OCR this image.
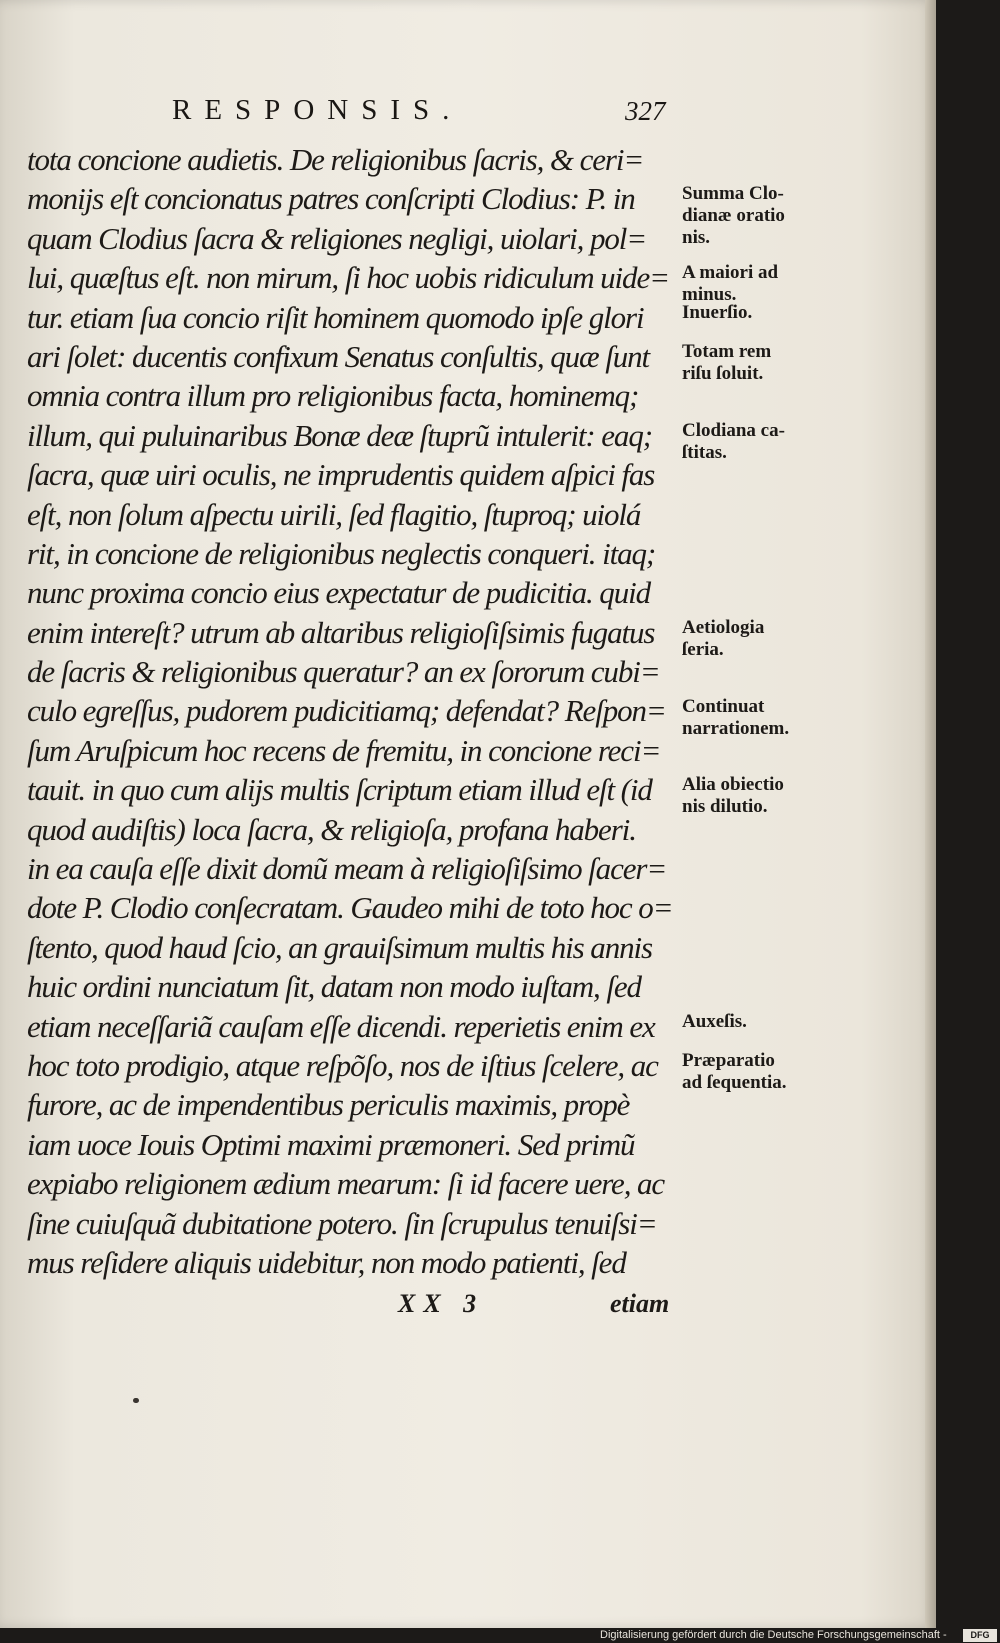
RESPONSIS.	327
tota concione audietis. De religionibus ſacris, & ceri=
monijs eſt concionatus patres conſcripti Clodius: P. in
quam Clodius ſacra & religiones negligi, uiolari, pol=
lui, quæſtus eſt. non mirum, ſi hoc uobis ridiculum uide=
tur. etiam ſua concio riſit hominem quomodo ipſe glori
ari ſolet: ducentis confixum Senatus conſultis, quæ ſunt
omnia contra illum pro religionibus facta, hominemq;
illum, qui puluinaribus Bonæ deæ ſtuprũ intulerit: eaq;
ſacra, quæ uiri oculis, ne imprudentis quidem aſpici fas
eſt, non ſolum aſpectu uirili, ſed flagitio, ſtuproq; uiolá
rit, in concione de religionibus neglectis conqueri. itaq;
nunc proxima concio eius expectatur de pudicitia. quid
enim intereſt? utrum ab altaribus religioſiſsimis fugatus
de ſacris & religionibus queratur? an ex ſororum cubi=
culo egreſſus, pudorem pudicitiamq; defendat? Reſpon=
ſum Aruſpicum hoc recens de fremitu, in concione reci=
tauit. in quo cum alijs multis ſcriptum etiam illud eſt (id
quod audiſtis) loca ſacra, & religioſa, profana haberi.
in ea cauſa eſſe dixit domũ meam à religioſiſsimo ſacer=
dote P. Clodio conſecratam. Gaudeo mihi de toto hoc o=
ſtento, quod haud ſcio, an grauiſsimum multis his annis
huic ordini nunciatum ſit, datam non modo iuſtam, ſed
etiam neceſſariã cauſam eſſe dicendi. reperietis enim ex
hoc toto prodigio, atque reſpõſo, nos de iſtius ſcelere, ac
furore, ac de impendentibus periculis maximis, propè
iam uoce Iouis Optimi maximi præmoneri. Sed primũ
expiabo religionem ædium mearum: ſi id facere uere, ac
ſine cuiuſquã dubitatione potero. ſin ſcrupulus tenuiſsi=
mus reſidere aliquis uidebitur, non modo patienti, ſed
Summa Clo-
dianæ oratio
nis.
A maiori ad
minus.
Inuerſio.
Totam rem
riſu ſoluit.
Clodiana ca-
ſtitas.
Aetiologia
ſeria.
Continuat
narrationem.
Alia obiectio
nis dilutio.
Auxeſis.
Præparatio
ad ſequentia.
XX 3	etiam
Digitalisierung gefördert durch die Deutsche Forschungsgemeinschaft -	DFG
